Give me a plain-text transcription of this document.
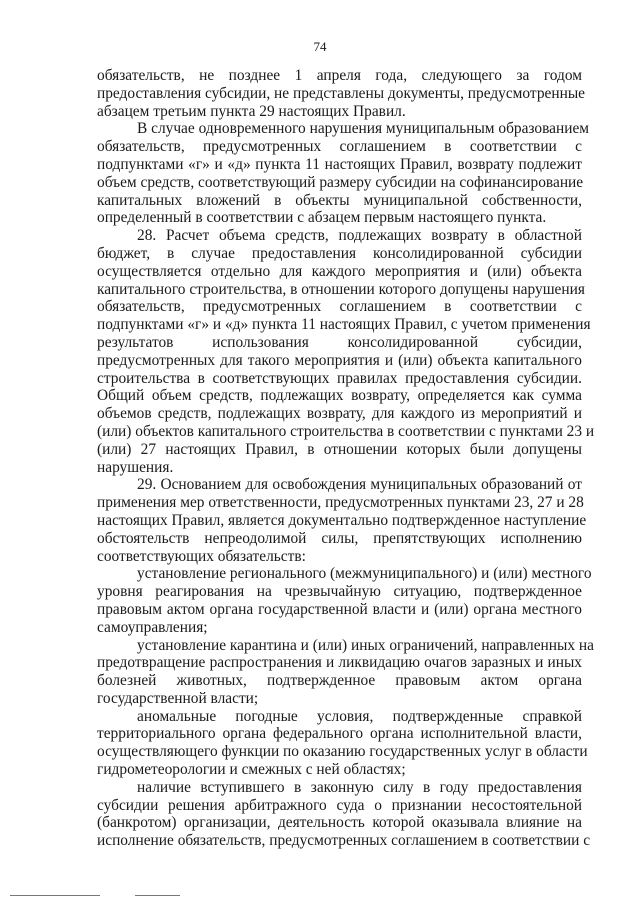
74

обязательств, не позднее 1 апреля года, следующего за годом
предоставления субсидии, не представлены документы, предусмотренные
абзацем третьим пункта 29 настоящих Правил.

В случае одновременного нарушения муниципальным образованием
обязательств, предусмотренных соглашением в соответствии с
подпунктами «г» и «д» пункта 11 настоящих Правил, возврату подлежит
объем средств, соответствующий размеру субсидии на софинансирование
капитальных вложений в объекты муниципальной собственности,
определенный в соответствии с абзацем первым настоящего пункта.

28. Расчет объема средств, подлежащих возврату в областной
бюджет, в случае предоставления консолидированной субсидии
осуществляется отдельно для каждого мероприятия и (или) объекта
капитального строительства, в отношении которого допущены нарушения
обязательств, предусмотренных соглашением в соответствии с
подпунктами «г» и «д» пункта 11 настоящих Правил, с учетом применения
результатов использования консолидированной субсидии,
предусмотренных для такого мероприятия и (или) объекта капитального
строительства в соответствующих правилах предоставления субсидии.
Общий объем средств, подлежащих возврату, определяется как сумма
объемов средств, подлежащих возврату, для каждого из мероприятий и
(или) объектов капитального строительства в соответствии с пунктами 23 и
(или) 27 настоящих Правил, в отношении которых были допущены
нарушения.

29. Основанием для освобождения муниципальных образований от
применения мер ответственности, предусмотренных пунктами 23, 27 и 28
настоящих Правил, является документально подтвержденное наступление
обстоятельств непреодолимой силы, препятствующих исполнению
соответствующих обязательств:

установление регионального (межмуниципального) и (или) местного
уровня реагирования на чрезвычайную ситуацию, подтвержденное
правовым актом органа государственной власти и (или) органа местного
самоуправления;

установление карантина и (или) иных ограничений, направленных на
предотвращение распространения и ликвидацию очагов заразных и иных
болезней животных, подтвержденное правовым актом органа
государственной власти;

аномальные погодные условия, подтвержденные справкой
территориального органа федерального органа исполнительной власти,
осуществляющего функции по оказанию государственных услуг в области
гидрометеорологии и смежных с ней областях;

наличие вступившего в законную силу в году предоставления
субсидии решения арбитражного суда о признании несостоятельной
(банкротом) организации, деятельность которой оказывала влияние на
исполнение обязательств, предусмотренных соглашением в соответствии с
